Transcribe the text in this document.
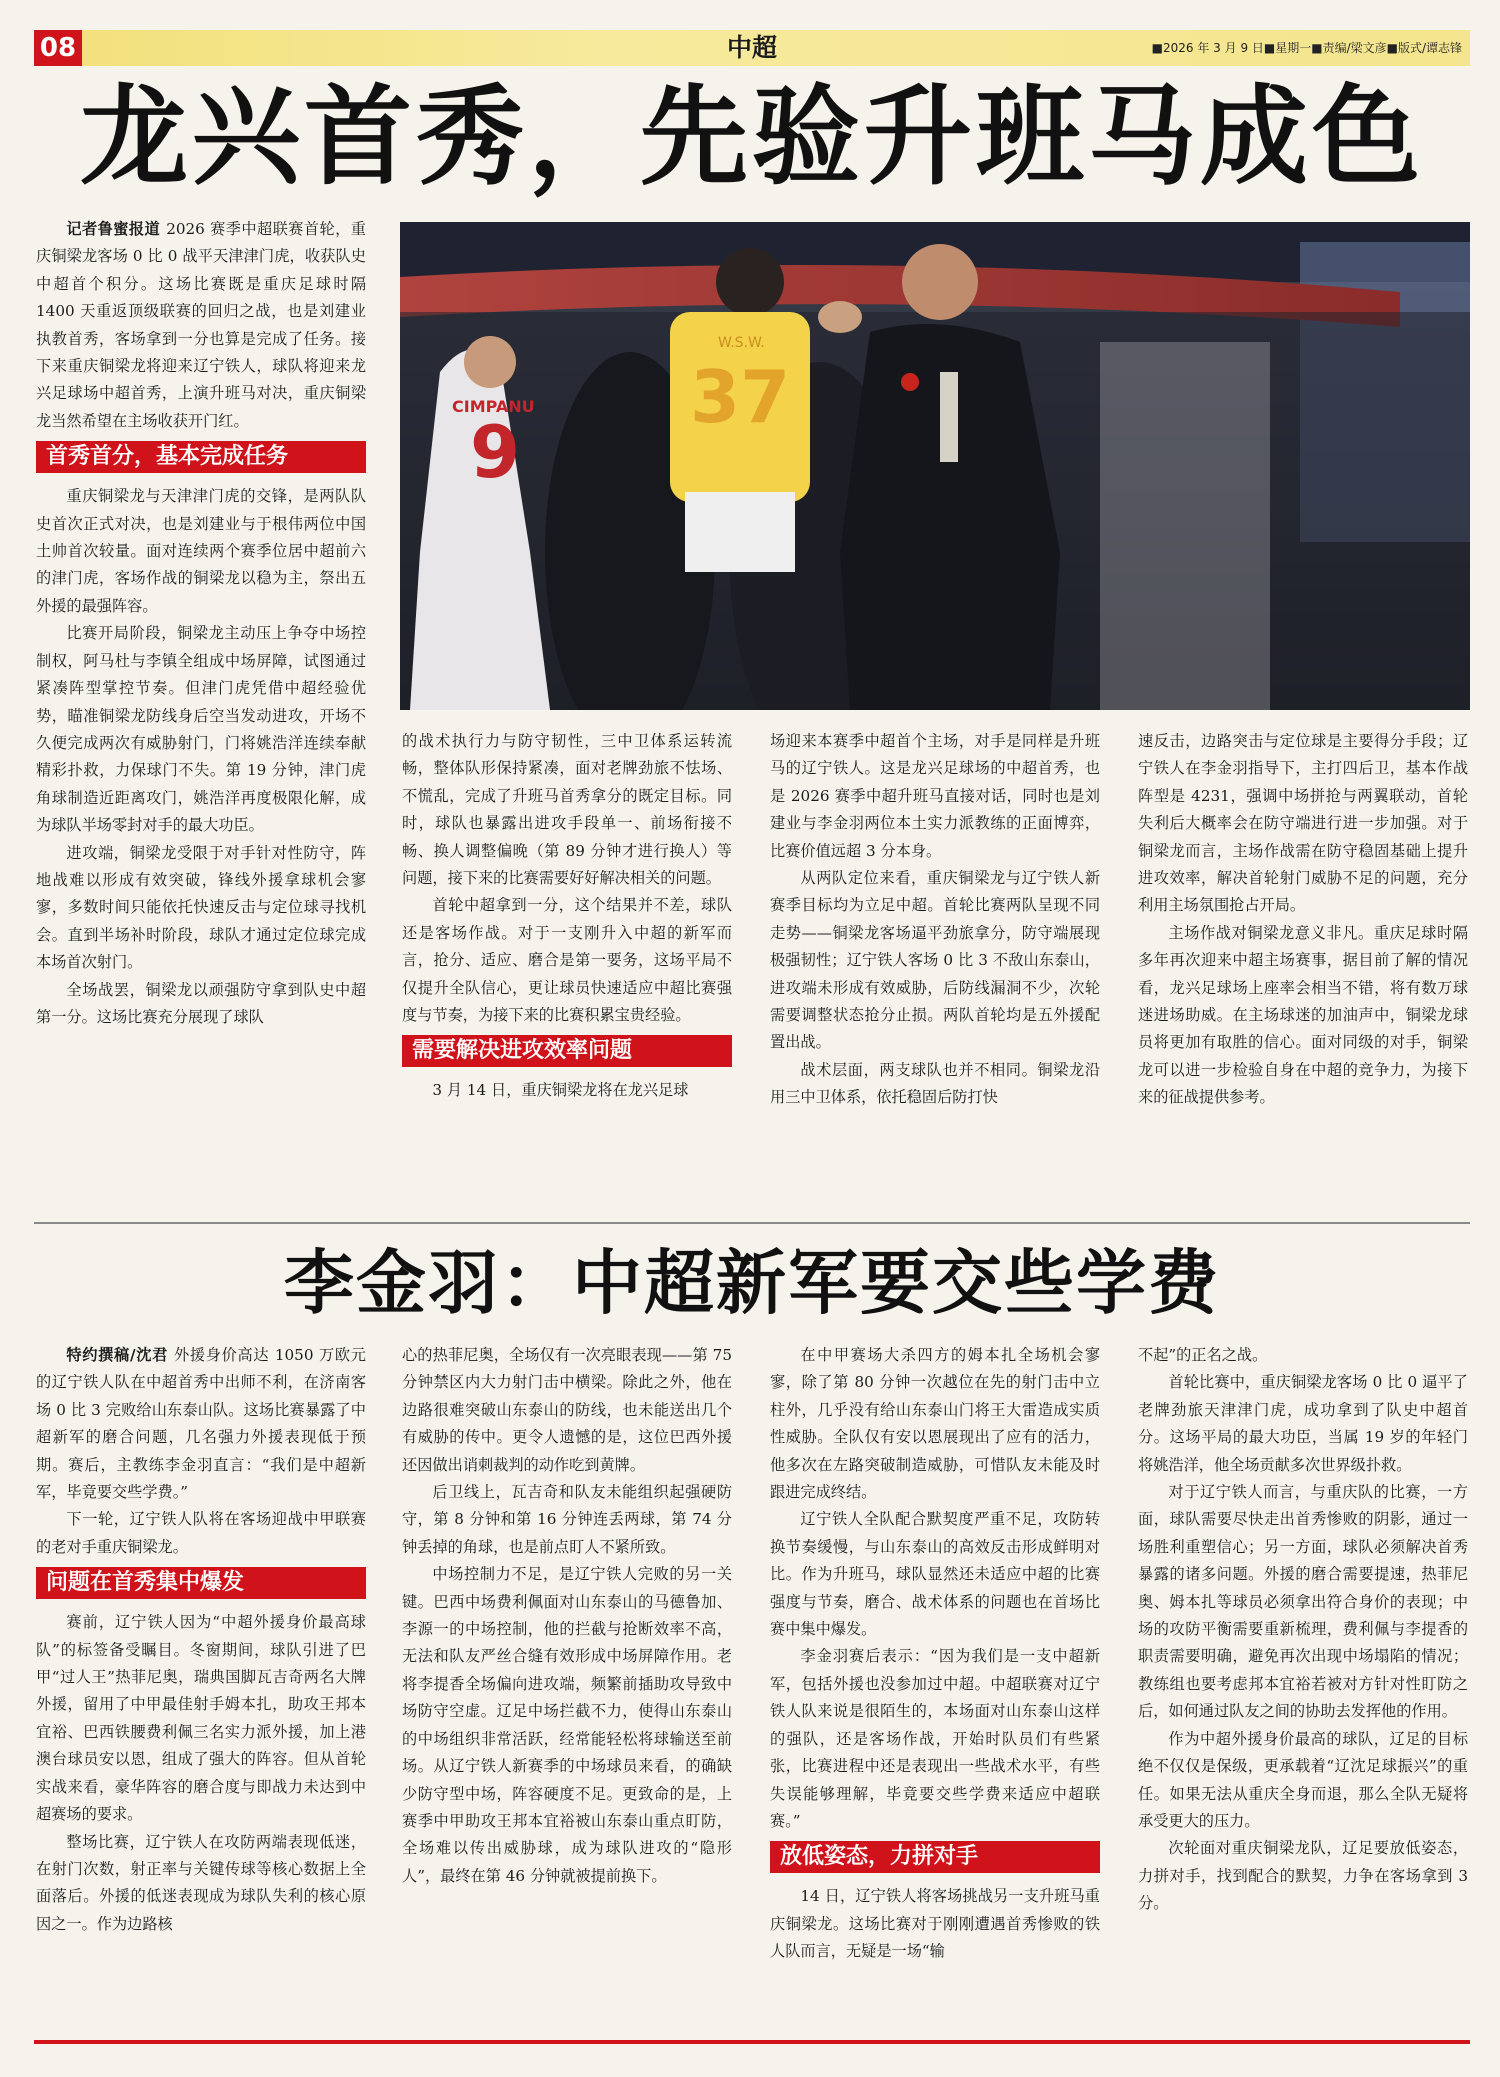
中超
08	■2026 年 3 月 9 日■星期一■责编/梁文彦■版式/谭志锋
龙兴首秀，先验升班马成色
9
CIMPANU 37
W.S.W.

记者鲁蜜报道 2026 赛季中超联赛首轮，重庆铜梁龙客场 0 比 0 战平天津津门虎，收获队史中超首个积分。这场比赛既是重庆足球时隔 1400 天重返顶级联赛的回归之战，也是刘建业执教首秀，客场拿到一分也算是完成了任务。接下来重庆铜梁龙将迎来辽宁铁人，球队将迎来龙兴足球场中超首秀，上演升班马对决，重庆铜梁龙当然希望在主场收获开门红。

首秀首分，基本完成任务

重庆铜梁龙与天津津门虎的交锋，是两队队史首次正式对决，也是刘建业与于根伟两位中国土帅首次较量。面对连续两个赛季位居中超前六的津门虎，客场作战的铜梁龙以稳为主，祭出五外援的最强阵容。

比赛开局阶段，铜梁龙主动压上争夺中场控制权，阿马杜与李镇全组成中场屏障，试图通过紧凑阵型掌控节奏。但津门虎凭借中超经验优势，瞄准铜梁龙防线身后空当发动进攻，开场不久便完成两次有威胁射门，门将姚浩洋连续奉献精彩扑救，力保球门不失。第 19 分钟，津门虎角球制造近距离攻门，姚浩洋再度极限化解，成为球队半场零封对手的最大功臣。

进攻端，铜梁龙受限于对手针对性防守，阵地战难以形成有效突破，锋线外援拿球机会寥寥，多数时间只能依托快速反击与定位球寻找机会。直到半场补时阶段，球队才通过定位球完成本场首次射门。

全场战罢，铜梁龙以顽强防守拿到队史中超第一分。这场比赛充分展现了球队

的战术执行力与防守韧性，三中卫体系运转流畅，整体队形保持紧凑，面对老牌劲旅不怯场、不慌乱，完成了升班马首秀拿分的既定目标。同时，球队也暴露出进攻手段单一、前场衔接不畅、换人调整偏晚（第 89 分钟才进行换人）等问题，接下来的比赛需要好好解决相关的问题。

首轮中超拿到一分，这个结果并不差，球队还是客场作战。对于一支刚升入中超的新军而言，抢分、适应、磨合是第一要务，这场平局不仅提升全队信心，更让球员快速适应中超比赛强度与节奏，为接下来的比赛积累宝贵经验。

需要解决进攻效率问题

3 月 14 日，重庆铜梁龙将在龙兴足球

场迎来本赛季中超首个主场，对手是同样是升班马的辽宁铁人。这是龙兴足球场的中超首秀，也是 2026 赛季中超升班马直接对话，同时也是刘建业与李金羽两位本土实力派教练的正面博弈，比赛价值远超 3 分本身。

从两队定位来看，重庆铜梁龙与辽宁铁人新赛季目标均为立足中超。首轮比赛两队呈现不同走势——铜梁龙客场逼平劲旅拿分，防守端展现极强韧性；辽宁铁人客场 0 比 3 不敌山东泰山，进攻端未形成有效威胁，后防线漏洞不少，次轮需要调整状态抢分止损。两队首轮均是五外援配置出战。

战术层面，两支球队也并不相同。铜梁龙沿用三中卫体系，依托稳固后防打快

速反击，边路突击与定位球是主要得分手段；辽宁铁人在李金羽指导下，主打四后卫，基本作战阵型是 4231，强调中场拼抢与两翼联动，首轮失利后大概率会在防守端进行进一步加强。对于铜梁龙而言，主场作战需在防守稳固基础上提升进攻效率，解决首轮射门威胁不足的问题，充分利用主场氛围抢占开局。

主场作战对铜梁龙意义非凡。重庆足球时隔多年再次迎来中超主场赛事，据目前了解的情况看，龙兴足球场上座率会相当不错，将有数万球迷进场助威。在主场球迷的加油声中，铜梁龙球员将更加有取胜的信心。面对同级的对手，铜梁龙可以进一步检验自身在中超的竞争力，为接下来的征战提供参考。

李金羽：中超新军要交些学费

特约撰稿/沈君 外援身价高达 1050 万欧元的辽宁铁人队在中超首秀中出师不利，在济南客场 0 比 3 完败给山东泰山队。这场比赛暴露了中超新军的磨合问题，几名强力外援表现低于预期。赛后，主教练李金羽直言：“我们是中超新军，毕竟要交些学费。”

下一轮，辽宁铁人队将在客场迎战中甲联赛的老对手重庆铜梁龙。

问题在首秀集中爆发

赛前，辽宁铁人因为“中超外援身价最高球队”的标签备受瞩目。冬窗期间，球队引进了巴甲“过人王”热菲尼奥，瑞典国脚瓦吉奇两名大牌外援，留用了中甲最佳射手姆本扎，助攻王邦本宜裕、巴西铁腰费利佩三名实力派外援，加上港澳台球员安以恩，组成了强大的阵容。但从首轮实战来看，豪华阵容的磨合度与即战力未达到中超赛场的要求。

整场比赛，辽宁铁人在攻防两端表现低迷，在射门次数，射正率与关键传球等核心数据上全面落后。外援的低迷表现成为球队失利的核心原因之一。作为边路核

心的热菲尼奥，全场仅有一次亮眼表现——第 75 分钟禁区内大力射门击中横梁。除此之外，他在边路很难突破山东泰山的防线，也未能送出几个有威胁的传中。更令人遗憾的是，这位巴西外援还因做出诮刺裁判的动作吃到黄牌。

后卫线上，瓦吉奇和队友未能组织起强硬防守，第 8 分钟和第 16 分钟连丢两球，第 74 分钟丢掉的角球，也是前点盯人不紧所致。

中场控制力不足，是辽宁铁人完败的另一关键。巴西中场费利佩面对山东泰山的马德鲁加、李源一的中场控制，他的拦截与抢断效率不高，无法和队友严丝合缝有效形成中场屏障作用。老将李提香全场偏向进攻端，频繁前插助攻导致中场防守空虚。辽足中场拦截不力，使得山东泰山的中场组织非常活跃，经常能轻松将球输送至前场。从辽宁铁人新赛季的中场球员来看，的确缺少防守型中场，阵容硬度不足。更致命的是，上赛季中甲助攻王邦本宜裕被山东泰山重点盯防，全场难以传出威胁球，成为球队进攻的“隐形人”，最终在第 46 分钟就被提前换下。

在中甲赛场大杀四方的姆本扎全场机会寥寥，除了第 80 分钟一次越位在先的射门击中立柱外，几乎没有给山东泰山门将王大雷造成实质性威胁。全队仅有安以恩展现出了应有的活力，他多次在左路突破制造威胁，可惜队友未能及时跟进完成终结。

辽宁铁人全队配合默契度严重不足，攻防转换节奏缓慢，与山东泰山的高效反击形成鲜明对比。作为升班马，球队显然还未适应中超的比赛强度与节奏，磨合、战术体系的问题也在首场比赛中集中爆发。

李金羽赛后表示：“因为我们是一支中超新军，包括外援也没参加过中超。中超联赛对辽宁铁人队来说是很陌生的，本场面对山东泰山这样的强队，还是客场作战，开始时队员们有些紧张，比赛进程中还是表现出一些战术水平，有些失误能够理解，毕竟要交些学费来适应中超联赛。”

放低姿态，力拼对手

14 日，辽宁铁人将客场挑战另一支升班马重庆铜梁龙。这场比赛对于刚刚遭遇首秀惨败的铁人队而言，无疑是一场“输

不起”的正名之战。

首轮比赛中，重庆铜梁龙客场 0 比 0 逼平了老牌劲旅天津津门虎，成功拿到了队史中超首分。这场平局的最大功臣，当属 19 岁的年轻门将姚浩洋，他全场贡献多次世界级扑救。

对于辽宁铁人而言，与重庆队的比赛，一方面，球队需要尽快走出首秀惨败的阴影，通过一场胜利重塑信心；另一方面，球队必须解决首秀暴露的诸多问题。外援的磨合需要提速，热菲尼奥、姆本扎等球员必须拿出符合身价的表现；中场的攻防平衡需要重新梳理，费利佩与李提香的职责需要明确，避免再次出现中场塌陷的情况；教练组也要考虑邦本宜裕若被对方针对性盯防之后，如何通过队友之间的协助去发挥他的作用。

作为中超外援身价最高的球队，辽足的目标绝不仅仅是保级，更承载着“辽沈足球振兴”的重任。如果无法从重庆全身而退，那么全队无疑将承受更大的压力。

次轮面对重庆铜梁龙队，辽足要放低姿态，力拼对手，找到配合的默契，力争在客场拿到 3 分。
